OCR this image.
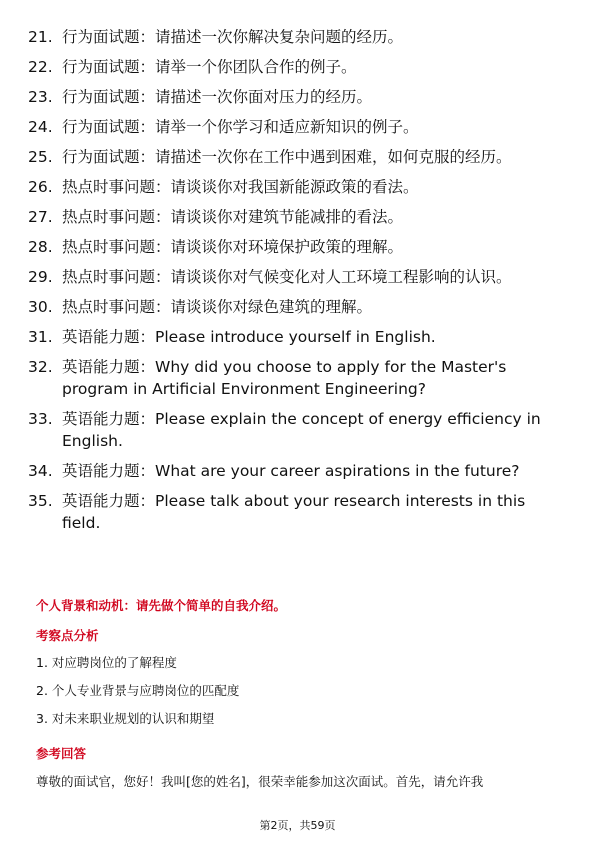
21. 行为面试题：请描述一次你解决复杂问题的经历。
22. 行为面试题：请举一个你团队合作的例子。
23. 行为面试题：请描述一次你面对压力的经历。
24. 行为面试题：请举一个你学习和适应新知识的例子。
25. 行为面试题：请描述一次你在工作中遇到困难，如何克服的经历。
26. 热点时事问题：请谈谈你对我国新能源政策的看法。
27. 热点时事问题：请谈谈你对建筑节能减排的看法。
28. 热点时事问题：请谈谈你对环境保护政策的理解。
29. 热点时事问题：请谈谈你对气候变化对人工环境工程影响的认识。
30. 热点时事问题：请谈谈你对绿色建筑的理解。
31. 英语能力题：Please introduce yourself in English.
32. 英语能力题：Why did you choose to apply for the Master's program in Artificial Environment Engineering?
33. 英语能力题：Please explain the concept of energy efficiency in English.
34. 英语能力题：What are your career aspirations in the future?
35. 英语能力题：Please talk about your research interests in this field.
个人背景和动机：请先做个简单的自我介绍。
考察点分析
1. 对应聘岗位的了解程度
2. 个人专业背景与应聘岗位的匹配度
3. 对未来职业规划的认识和期望
参考回答
尊敬的面试官，您好！我叫[您的姓名]，很荣幸能参加这次面试。首先，请允许我
第2页，共59页
